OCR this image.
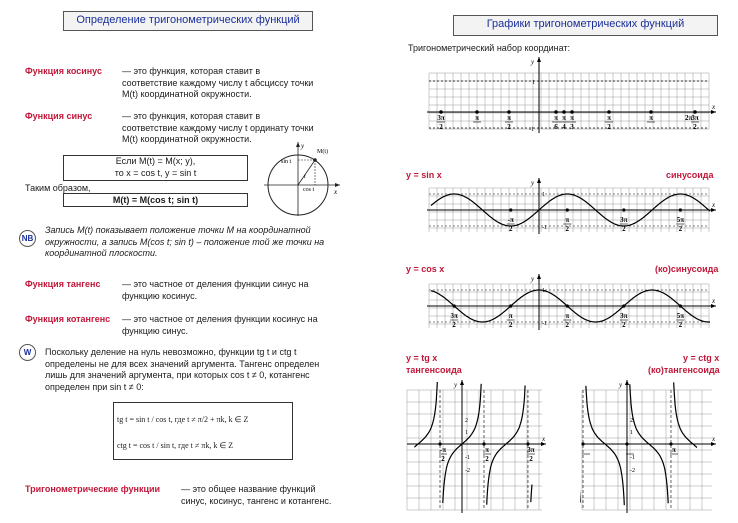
Определение тригонометрических функций
Функция косинус — это функция, которая ставит в соответствие каждому числу t абсциссу точки M(t) координатной окружности.
Функция синус	— это функция, которая ставит в соответствие каждому числу t ординату точки M(t) координатной окружности.
Если M(t) = M(x; y),
то x = cos t, y = sin t
Таким образом,
M(t) = M(cos t; sin t)
M(t)
sin t
cos t
t
x
y
NB
Запись M(t) показывает положение точки M на координатной окружности, а запись M(cos t; sin t) – положение той же точки на координатной плоскости.
Функция тангенс — это частное от деления функции синус на функцию косинус.
Функция котангенс — это частное от деления функции косинус на функцию синус.
W	Поскольку деление на нуль невозможно, функции tg t и ctg t определены не для всех значений аргумента. Тангенс определен лишь для значений аргумента, при которых cos t ≠ 0, котангенс определен при sin t ≠ 0:
tg t = sin t / cos t, где t ≠ π/2 + πk, k ∈ Z
ctg t = cos t / sin t, где t ≠ πk, k ∈ Z
Тригонометрические функции — это общее название функций синус, косинус, тангенс и котангенс.
Графики тригонометрических функций
Тригонометрический набор координат:
x
y
1
-1
3π
2
π	π
2
π
6
π
4
π
3
π
2
π	3π
2
2π
y = sin x	синусоида
x
y
1
-1
-π
2
π
2
3π
2
5π
2
y = cos x	(ко)синусоида
x
y
1
-1
3π
2
π
2
π
2
3π
2
5π
2
y = tg x
тангенсоида
y = ctg x
(ко)тангенсоида
x
y
-π
2
π
2
3π
2
2
1
-1
-2
x
y
π
2
1
-1
-2
